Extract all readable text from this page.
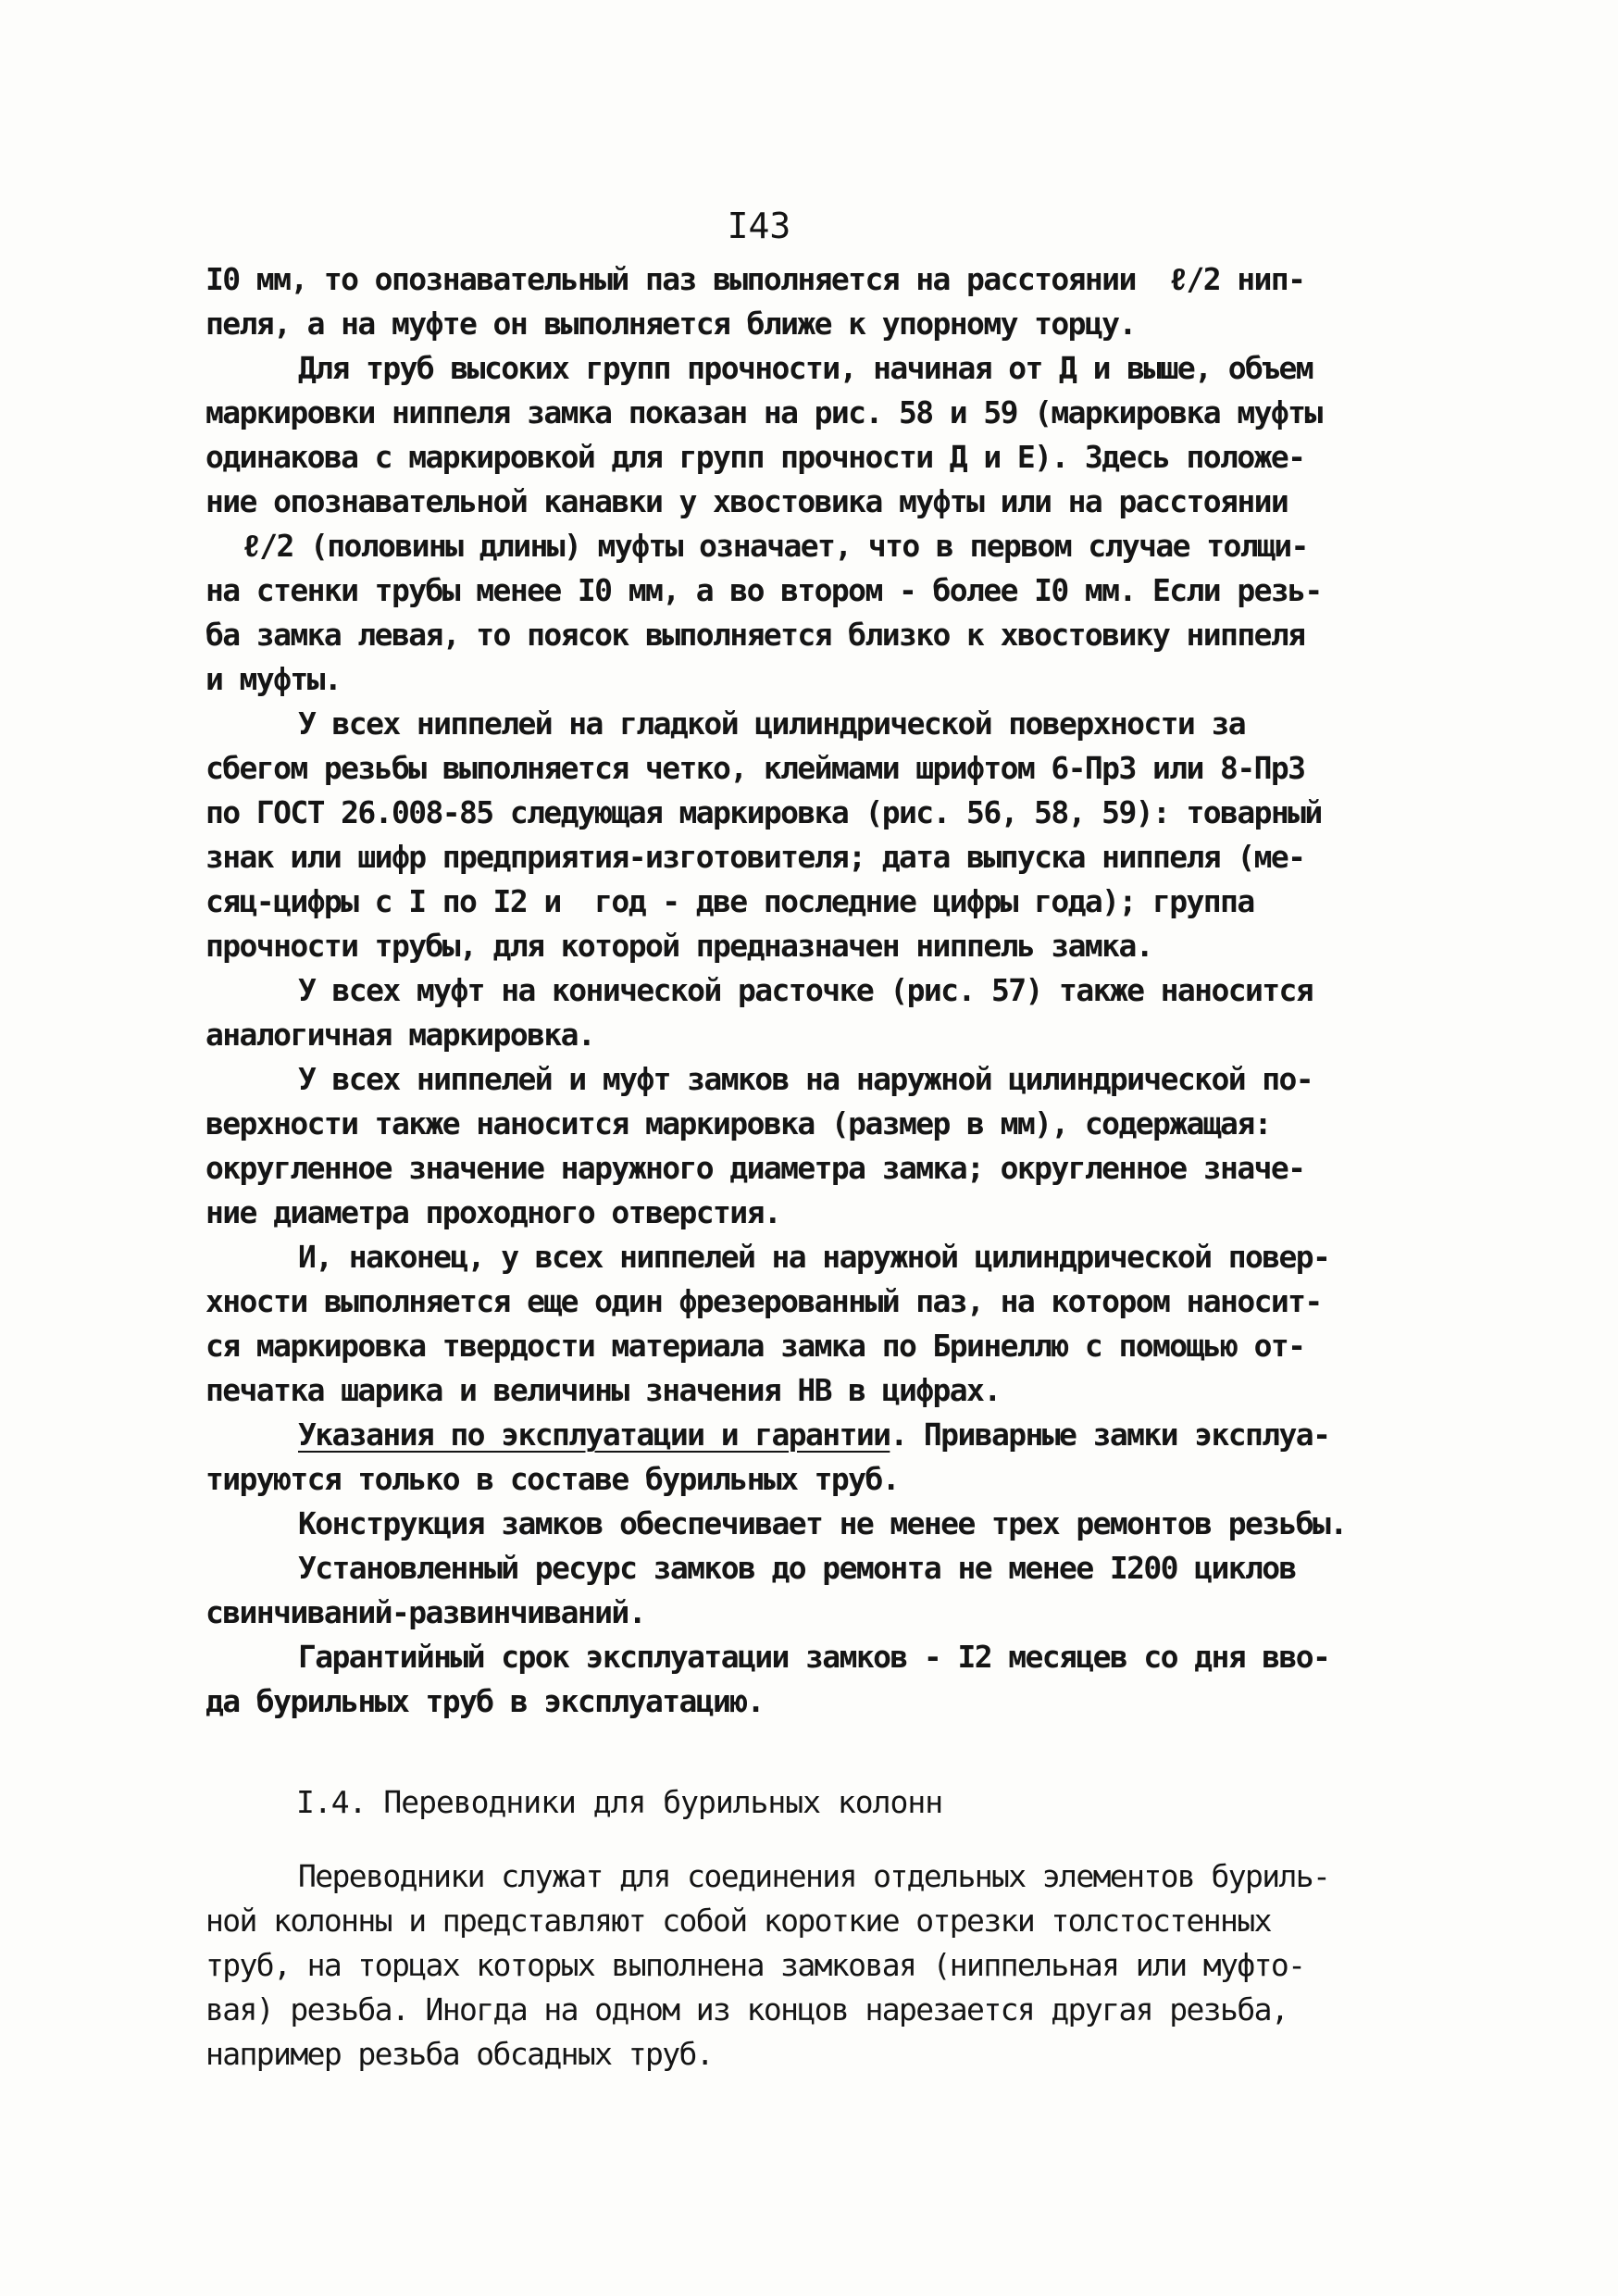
I43
I0 мм, то опознавательный паз выполняется на расстоянии  ℓ/2 нип-
пеля, а на муфте он выполняется ближе к упорному торцу.
Для труб высоких групп прочности, начиная от Д и выше, объем
маркировки ниппеля замка показан на рис. 58 и 59 (маркировка муфты
одинакова с маркировкой для групп прочности Д и Е). Здесь положе-
ние опознавательной канавки у хвостовика муфты или на расстоянии
ℓ/2 (половины длины) муфты означает, что в первом случае толщи-
на стенки трубы менее I0 мм, а во втором - более I0 мм. Если резь-
ба замка левая, то поясок выполняется близко к хвостовику ниппеля
и муфты.
У всех ниппелей на гладкой цилиндрической поверхности за
сбегом резьбы выполняется четко, клеймами шрифтом 6-ПрЗ или 8-ПрЗ
по ГОСТ 26.008-85 следующая маркировка (рис. 56, 58, 59): товарный
знак или шифр предприятия-изготовителя; дата выпуска ниппеля (ме-
сяц-цифры с I по I2 и  год - две последние цифры года); группа
прочности трубы, для которой предназначен ниппель замка.
У всех муфт на конической расточке (рис. 57) также наносится
аналогичная маркировка.
У всех ниппелей и муфт замков на наружной цилиндрической по-
верхности также наносится маркировка (размер в мм), содержащая:
округленное значение наружного диаметра замка; округленное значе-
ние диаметра проходного отверстия.
И, наконец, у всех ниппелей на наружной цилиндрической повер-
хности выполняется еще один фрезерованный паз, на котором наносит-
ся маркировка твердости материала замка по Бринеллю с помощью от-
печатка шарика и величины значения НВ в цифрах.
Указания по эксплуатации и гарантии. Приварные замки эксплуа-
тируются только в составе бурильных труб.
Конструкция замков обеспечивает не менее трех ремонтов резьбы.
Установленный ресурс замков до ремонта не менее I200 циклов
свинчиваний-развинчиваний.
Гарантийный срок эксплуатации замков - I2 месяцев со дня вво-
да бурильных труб в эксплуатацию.
I.4. Переводники для бурильных колонн
Переводники служат для соединения отдельных элементов буриль-
ной колонны и представляют собой короткие отрезки толстостенных
труб, на торцах которых выполнена замковая (ниппельная или муфто-
вая) резьба. Иногда на одном из концов нарезается другая резьба,
например резьба обсадных труб.
